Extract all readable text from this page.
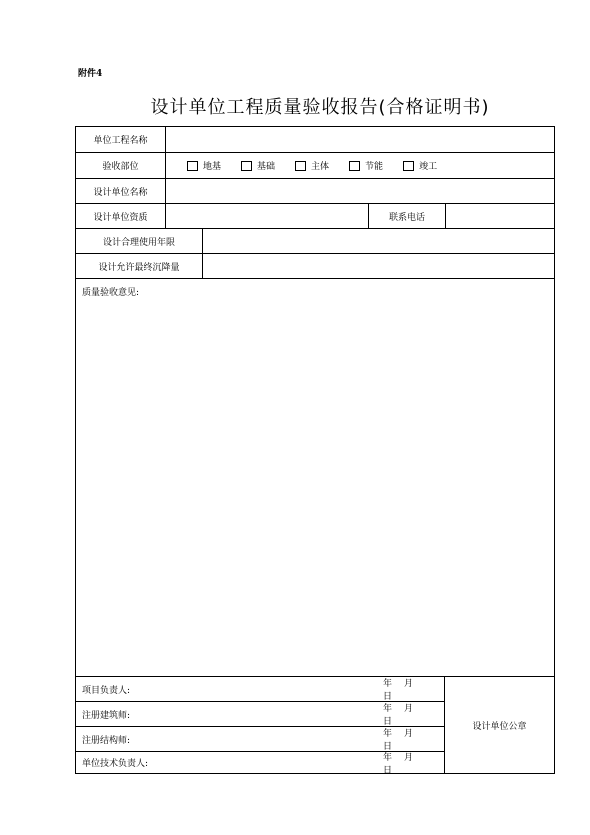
附件4
设计单位工程质量验收报告(合格证明书)
单位工程名称
验收部位	地基	基础	主体	节能	竣工
设计单位名称
设计单位资质	联系电话
设计合理使用年限
设计允许最终沉降量
质量验收意见:
项目负责人:
年 月日
注册建筑师:
年 月日
注册结构师:
年 月日
单位技术负责人:
年 月日
设计单位公章
